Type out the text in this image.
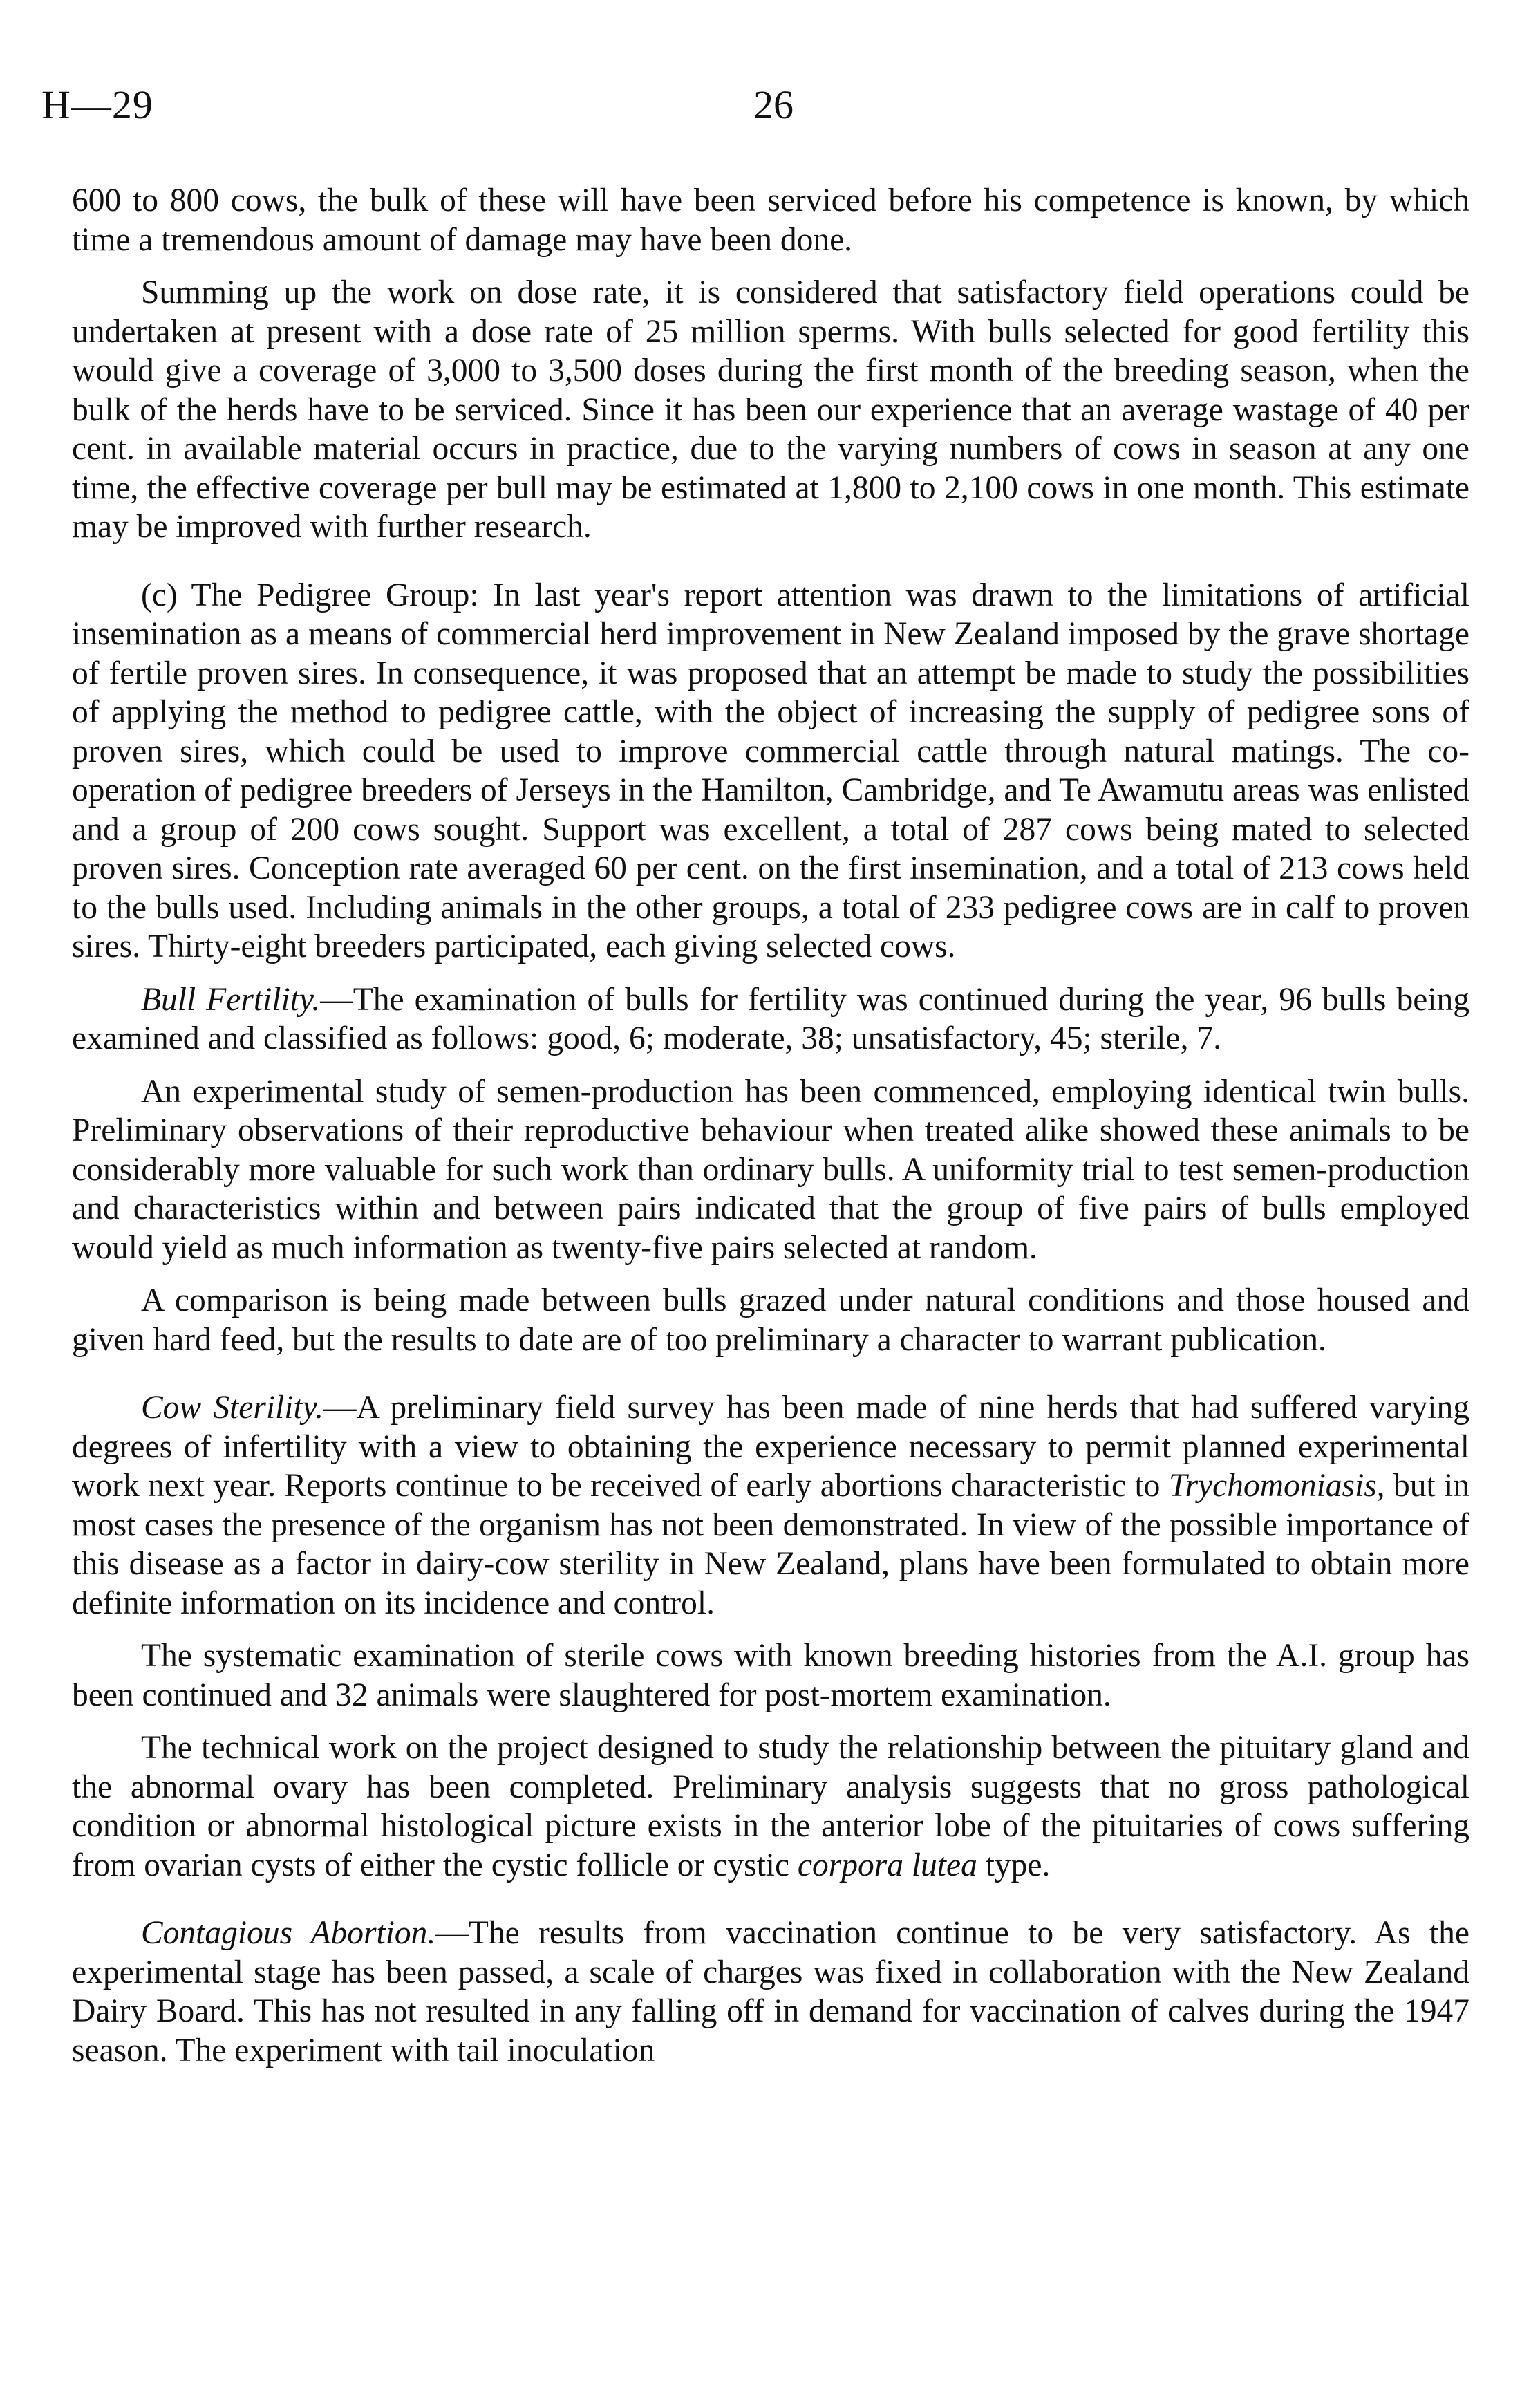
H—29	26

600 to 800 cows, the bulk of these will have been serviced before his competence is known, by which time a tremendous amount of damage may have been done.

Summing up the work on dose rate, it is considered that satisfactory field operations could be undertaken at present with a dose rate of 25 million sperms. With bulls selected for good fertility this would give a coverage of 3,000 to 3,500 doses during the first month of the breeding season, when the bulk of the herds have to be serviced. Since it has been our experience that an average wastage of 40 per cent. in available material occurs in practice, due to the varying numbers of cows in season at any one time, the effective coverage per bull may be estimated at 1,800 to 2,100 cows in one month. This estimate may be improved with further research.

(c) The Pedigree Group: In last year's report attention was drawn to the limitations of artificial insemination as a means of commercial herd improvement in New Zealand imposed by the grave shortage of fertile proven sires. In consequence, it was proposed that an attempt be made to study the possibilities of applying the method to pedigree cattle, with the object of increasing the supply of pedigree sons of proven sires, which could be used to improve commercial cattle through natural matings. The co-operation of pedigree breeders of Jerseys in the Hamilton, Cambridge, and Te Awamutu areas was enlisted and a group of 200 cows sought. Support was excellent, a total of 287 cows being mated to selected proven sires. Conception rate averaged 60 per cent. on the first insemination, and a total of 213 cows held to the bulls used. Including animals in the other groups, a total of 233 pedigree cows are in calf to proven sires. Thirty-eight breeders participated, each giving selected cows.

Bull Fertility.—The examination of bulls for fertility was continued during the year, 96 bulls being examined and classified as follows: good, 6; moderate, 38; unsatisfactory, 45; sterile, 7.

An experimental study of semen-production has been commenced, employing identical twin bulls. Preliminary observations of their reproductive behaviour when treated alike showed these animals to be considerably more valuable for such work than ordinary bulls. A uniformity trial to test semen-production and characteristics within and between pairs indicated that the group of five pairs of bulls employed would yield as much information as twenty-five pairs selected at random.

A comparison is being made between bulls grazed under natural conditions and those housed and given hard feed, but the results to date are of too preliminary a character to warrant publication.

Cow Sterility.—A preliminary field survey has been made of nine herds that had suffered varying degrees of infertility with a view to obtaining the experience necessary to permit planned experimental work next year. Reports continue to be received of early abortions characteristic to Trychomoniasis, but in most cases the presence of the organism has not been demonstrated. In view of the possible importance of this disease as a factor in dairy-cow sterility in New Zealand, plans have been formulated to obtain more definite information on its incidence and control.

The systematic examination of sterile cows with known breeding histories from the A.I. group has been continued and 32 animals were slaughtered for post-mortem examination.

The technical work on the project designed to study the relationship between the pituitary gland and the abnormal ovary has been completed. Preliminary analysis suggests that no gross pathological condition or abnormal histological picture exists in the anterior lobe of the pituitaries of cows suffering from ovarian cysts of either the cystic follicle or cystic corpora lutea type.

Contagious Abortion.—The results from vaccination continue to be very satisfactory. As the experimental stage has been passed, a scale of charges was fixed in collaboration with the New Zealand Dairy Board. This has not resulted in any falling off in demand for vaccination of calves during the 1947 season. The experiment with tail inoculation
